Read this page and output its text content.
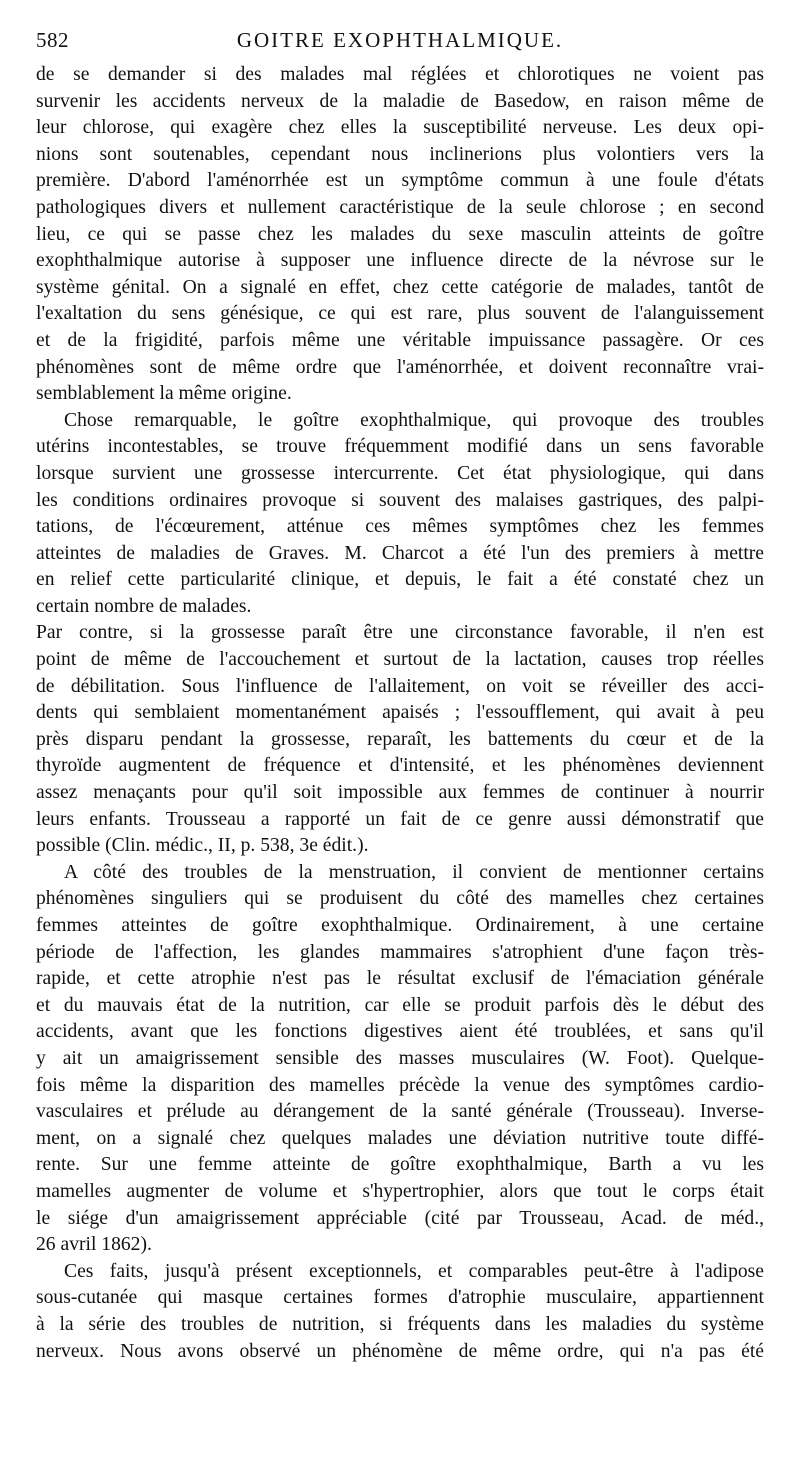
582	GOITRE EXOPHTHALMIQUE.
de se demander si des malades mal réglées et chlorotiques ne voient pas
survenir les accidents nerveux de la maladie de Basedow, en raison même de
leur chlorose, qui exagère chez elles la susceptibilité nerveuse. Les deux opi-
nions sont soutenables, cependant nous inclinerions plus volontiers vers la
première. D'abord l'aménorrhée est un symptôme commun à une foule d'états
pathologiques divers et nullement caractéristique de la seule chlorose ; en second
lieu, ce qui se passe chez les malades du sexe masculin atteints de goître
exophthalmique autorise à supposer une influence directe de la névrose sur le
système génital. On a signalé en effet, chez cette catégorie de malades, tantôt de
l'exaltation du sens génésique, ce qui est rare, plus souvent de l'alanguissement
et de la frigidité, parfois même une véritable impuissance passagère. Or ces
phénomènes sont de même ordre que l'aménorrhée, et doivent reconnaître vrai-
semblablement la même origine.
Chose remarquable, le goître exophthalmique, qui provoque des troubles
utérins incontestables, se trouve fréquemment modifié dans un sens favorable
lorsque survient une grossesse intercurrente. Cet état physiologique, qui dans
les conditions ordinaires provoque si souvent des malaises gastriques, des palpi-
tations, de l'écœurement, atténue ces mêmes symptômes chez les femmes
atteintes de maladies de Graves. M. Charcot a été l'un des premiers à mettre
en relief cette particularité clinique, et depuis, le fait a été constaté chez un
certain nombre de malades.
Par contre, si la grossesse paraît être une circonstance favorable, il n'en est
point de même de l'accouchement et surtout de la lactation, causes trop réelles
de débilitation. Sous l'influence de l'allaitement, on voit se réveiller des acci-
dents qui semblaient momentanément apaisés ; l'essoufflement, qui avait à peu
près disparu pendant la grossesse, reparaît, les battements du cœur et de la
thyroïde augmentent de fréquence et d'intensité, et les phénomènes deviennent
assez menaçants pour qu'il soit impossible aux femmes de continuer à nourrir
leurs enfants. Trousseau a rapporté un fait de ce genre aussi démonstratif que
possible (Clin. médic., II, p. 538, 3e édit.).
A côté des troubles de la menstruation, il convient de mentionner certains
phénomènes singuliers qui se produisent du côté des mamelles chez certaines
femmes atteintes de goître exophthalmique. Ordinairement, à une certaine
période de l'affection, les glandes mammaires s'atrophient d'une façon très-
rapide, et cette atrophie n'est pas le résultat exclusif de l'émaciation générale
et du mauvais état de la nutrition, car elle se produit parfois dès le début des
accidents, avant que les fonctions digestives aient été troublées, et sans qu'il
y ait un amaigrissement sensible des masses musculaires (W. Foot). Quelque-
fois même la disparition des mamelles précède la venue des symptômes cardio-
vasculaires et prélude au dérangement de la santé générale (Trousseau). Inverse-
ment, on a signalé chez quelques malades une déviation nutritive toute diffé-
rente. Sur une femme atteinte de goître exophthalmique, Barth a vu les
mamelles augmenter de volume et s'hypertrophier, alors que tout le corps était
le siége d'un amaigrissement appréciable (cité par Trousseau, Acad. de méd.,
26 avril 1862).
Ces faits, jusqu'à présent exceptionnels, et comparables peut-être à l'adipose
sous-cutanée qui masque certaines formes d'atrophie musculaire, appartiennent
à la série des troubles de nutrition, si fréquents dans les maladies du système
nerveux. Nous avons observé un phénomène de même ordre, qui n'a pas été
